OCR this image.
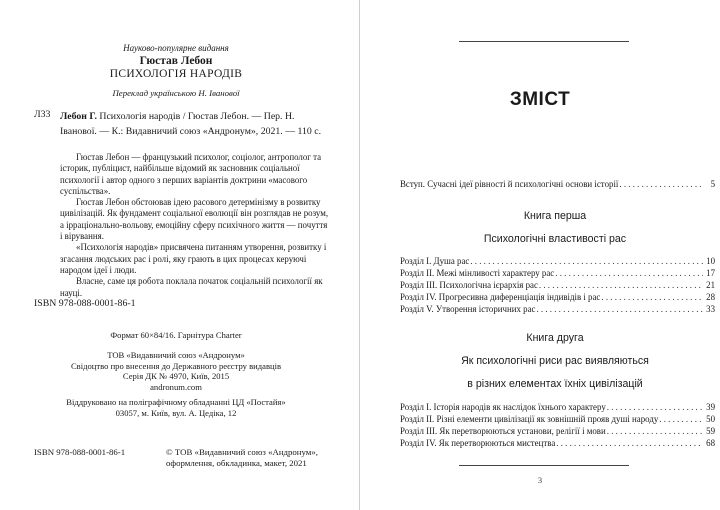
Науково-популярне видання
Гюстав Лебон
ПСИХОЛОГІЯ НАРОДІВ
Переклад українською Н. Іванової
Л33 Лебон Г. Психологія народів / Гюстав Лебон. — Пер. Н. Іванової. — К.: Видавничий союз «Андронум», 2021. — 110 с.

Гюстав Лебон — французький психолог, соціолог, антрополог та історик, публіцист, найбільше відомий як засновник соціальної психології і автор одного з перших варіантів доктрини «масового суспільства».

Гюстав Лебон обстоював ідею расового детермінізму в розвитку цивілізацій. Як фундамент соціальної еволюції він розглядав не розум, а ірраціонально-вольову, емоційну сферу психічного життя — почуття і вірування.

«Психологія народів» присвячена питанням утворення, розвитку і згасання людських рас і ролі, яку грають в цих процесах керуючі народом ідеї і люди.

Власне, саме ця робота поклала початок соціальній психології як науці.

ISBN 978-088-0001-86-1
Формат 60×84/16. Гарнітура Charter
ТОВ «Видавничий союз «Андронум»
Свідоцтво про внесення до Державного реєстру видавців
Серія ДК № 4970, Київ, 2015
andronum.com
Віддруковано на поліграфічному обладнанні ЦД «Постайя»
03057, м. Київ, вул. А. Цедіка, 12
ISBN 978-088-0001-86-1	© ТОВ «Видавничий союз «Андронум»,
оформлення, обкладинка, макет, 2021
ЗМІСТ
Вступ. Сучасні ідеї рівності й психологічні основи історії . . .	5
Книга перша
Психологічні властивості рас
Розділ І. Душа рас . . .	10
Розділ ІІ. Межі мінливості характеру рас . . .	17
Розділ ІІІ. Психологічна ієрархія рас . . .	21
Розділ IV. Прогресивна диференціація індивідів і рас . . .	28
Розділ V. Утворення історичних рас . . .	33
Книга друга
Як психологічні риси рас виявляються
в різних елементах їхніх цивілізацій
Розділ І. Історія народів як наслідок їхнього характеру . . .	39
Розділ ІІ. Різні елементи цивілізації як зовнішній прояв душі народу . . .	50
Розділ ІІІ. Як перетворюються установи, релігії і мови . . .	59
Розділ IV. Як перетворюються мистецтва . . .	68
3
